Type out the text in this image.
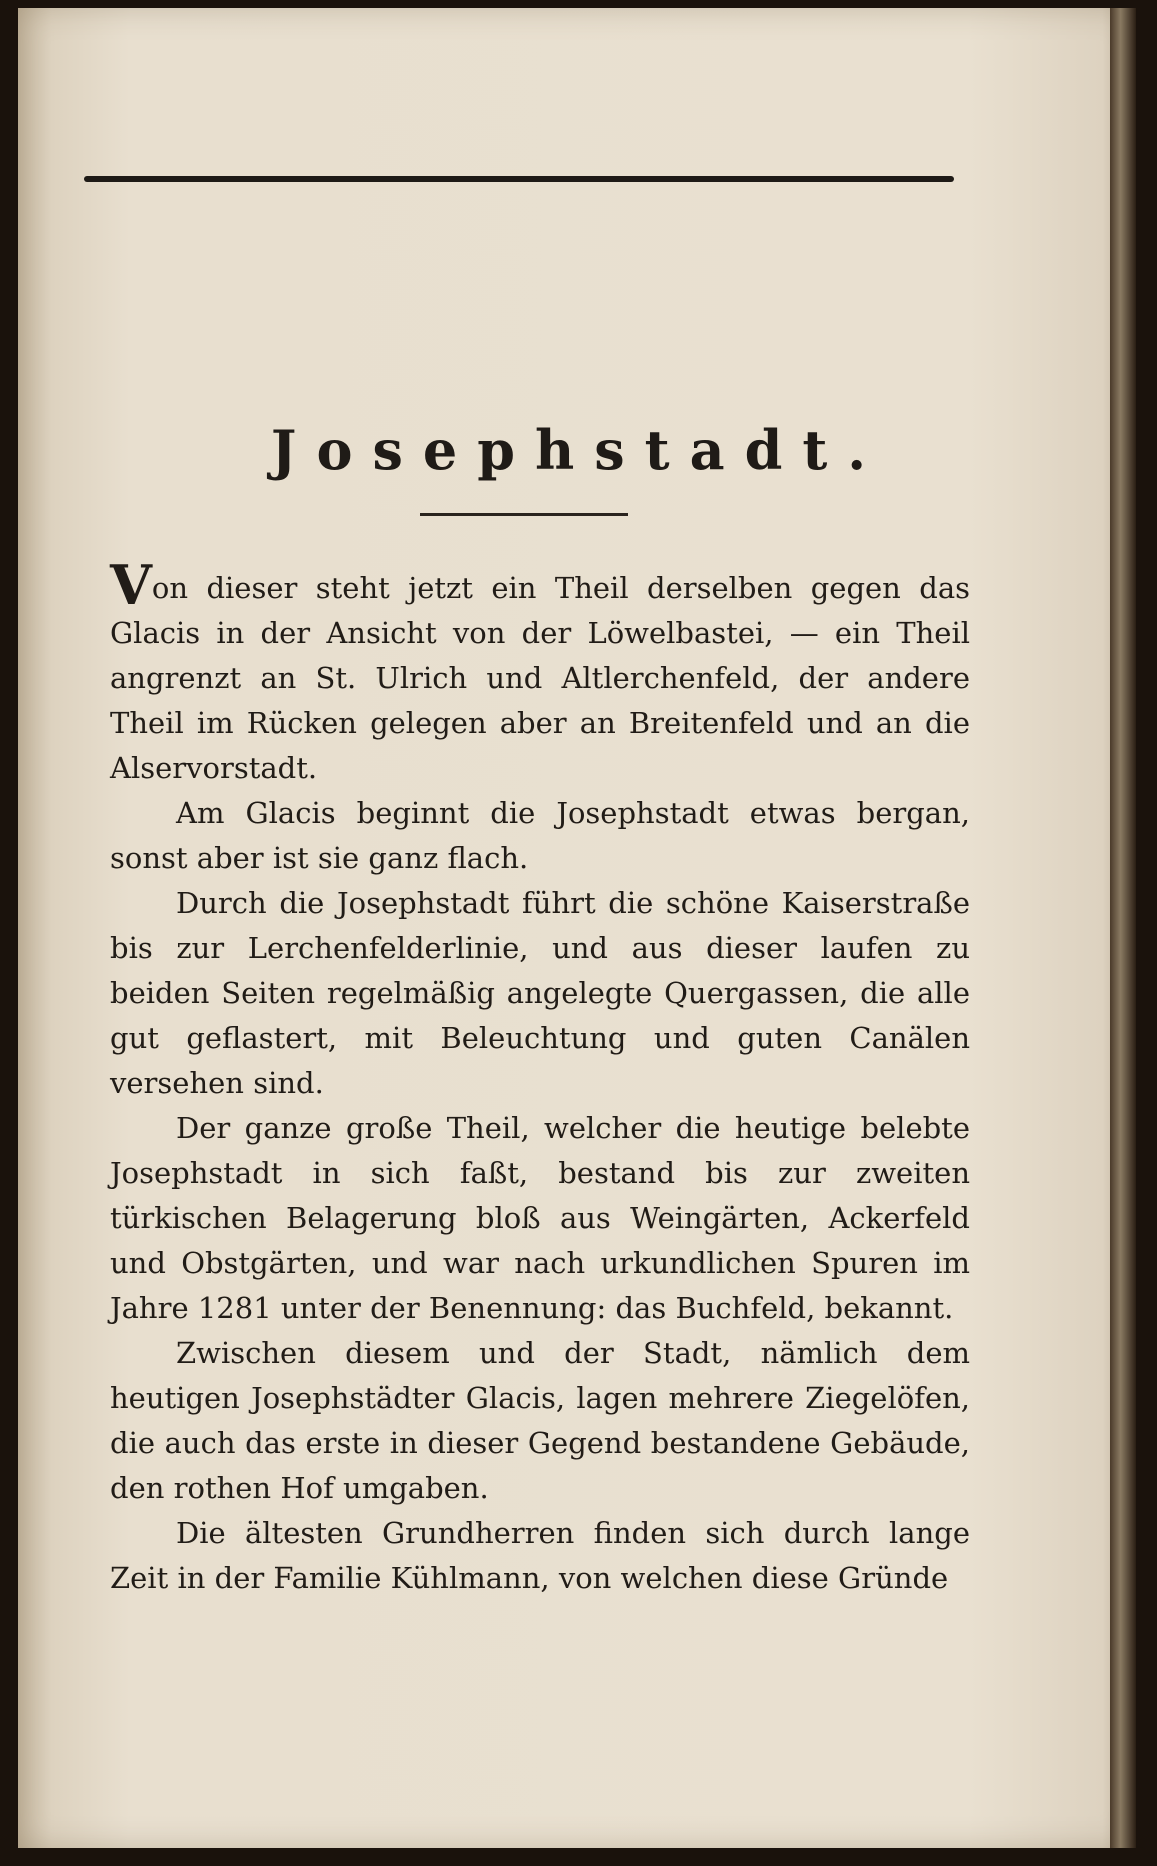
Josephstadt.

Von dieser steht jetzt ein Theil derselben gegen das Glacis in der Ansicht von der Löwelbastei, — ein Theil angrenzt an St. Ulrich und Altlerchenfeld, der andere Theil im Rücken gelegen aber an Breitenfeld und an die Alservorstadt.

Am Glacis beginnt die Josephstadt etwas bergan, sonst aber ist sie ganz flach.

Durch die Josephstadt führt die schöne Kaiserstraße bis zur Lerchenfelderlinie, und aus dieser laufen zu beiden Seiten regelmäßig angelegte Quergassen, die alle gut geflastert, mit Beleuchtung und guten Canälen versehen sind.

Der ganze große Theil, welcher die heutige belebte Josephstadt in sich faßt, bestand bis zur zweiten türkischen Belagerung bloß aus Weingärten, Ackerfeld und Obstgärten, und war nach urkundlichen Spuren im Jahre 1281 unter der Benennung: das Buchfeld, bekannt.

Zwischen diesem und der Stadt, nämlich dem heutigen Josephstädter Glacis, lagen mehrere Ziegelöfen, die auch das erste in dieser Gegend bestandene Gebäude, den rothen Hof umgaben.

Die ältesten Grundherren finden sich durch lange Zeit in der Familie Kühlmann, von welchen diese Gründe
